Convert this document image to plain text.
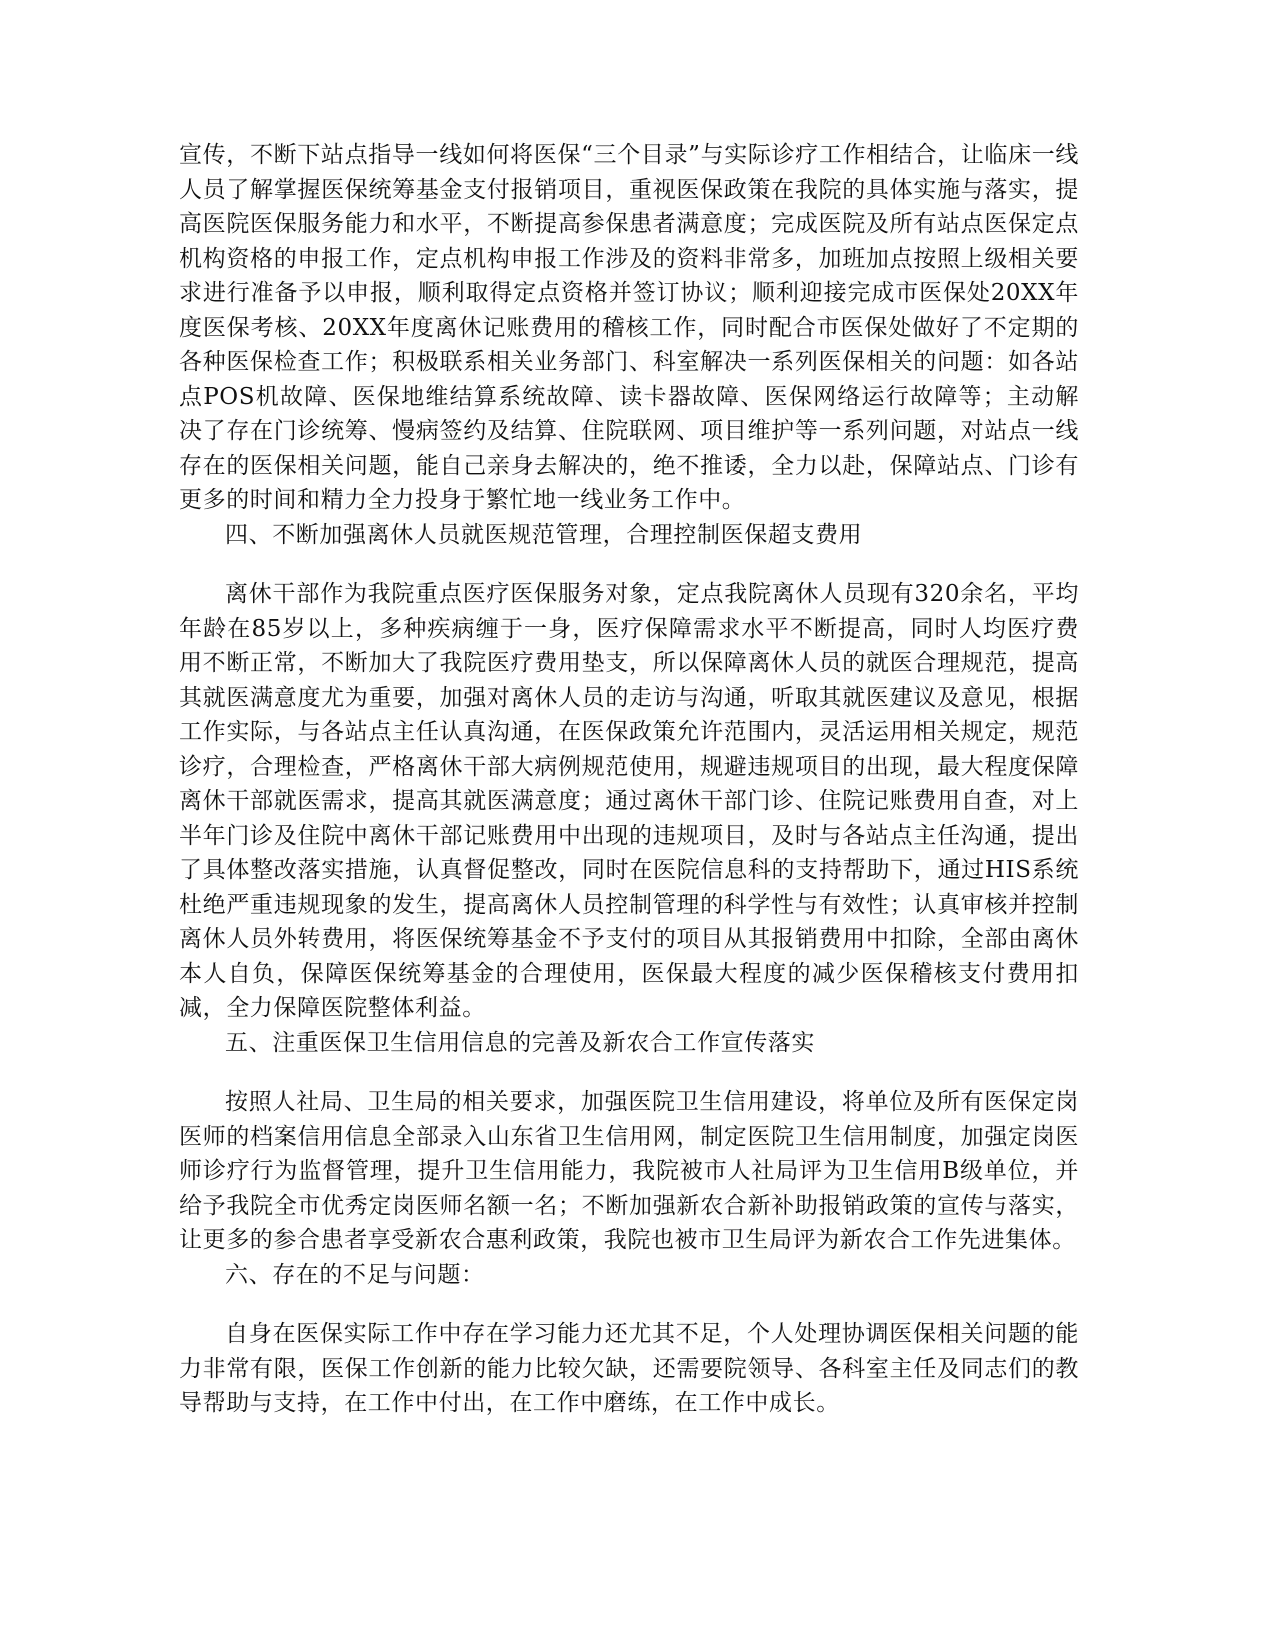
宣传，不断下站点指导一线如何将医保“三个目录”与实际诊疗工作相结合，让临床一线人员了解掌握医保统筹基金支付报销项目，重视医保政策在我院的具体实施与落实，提高医院医保服务能力和水平，不断提高参保患者满意度；完成医院及所有站点医保定点机构资格的申报工作，定点机构申报工作涉及的资料非常多，加班加点按照上级相关要求进行准备予以申报，顺利取得定点资格并签订协议；顺利迎接完成市医保处20XX年度医保考核、20XX年度离休记账费用的稽核工作，同时配合市医保处做好了不定期的各种医保检查工作；积极联系相关业务部门、科室解决一系列医保相关的问题：如各站点POS机故障、医保地维结算系统故障、读卡器故障、医保网络运行故障等；主动解决了存在门诊统筹、慢病签约及结算、住院联网、项目维护等一系列问题，对站点一线存在的医保相关问题，能自己亲身去解决的，绝不推诿，全力以赴，保障站点、门诊有更多的时间和精力全力投身于繁忙地一线业务工作中。

四、不断加强离休人员就医规范管理，合理控制医保超支费用

离休干部作为我院重点医疗医保服务对象，定点我院离休人员现有320余名，平均年龄在85岁以上，多种疾病缠于一身，医疗保障需求水平不断提高，同时人均医疗费用不断正常，不断加大了我院医疗费用垫支，所以保障离休人员的就医合理规范，提高其就医满意度尤为重要，加强对离休人员的走访与沟通，听取其就医建议及意见，根据工作实际，与各站点主任认真沟通，在医保政策允许范围内，灵活运用相关规定，规范诊疗，合理检查，严格离休干部大病例规范使用，规避违规项目的出现，最大程度保障离休干部就医需求，提高其就医满意度；通过离休干部门诊、住院记账费用自查，对上半年门诊及住院中离休干部记账费用中出现的违规项目，及时与各站点主任沟通，提出了具体整改落实措施，认真督促整改，同时在医院信息科的支持帮助下，通过HIS系统杜绝严重违规现象的发生，提高离休人员控制管理的科学性与有效性；认真审核并控制离休人员外转费用，将医保统筹基金不予支付的项目从其报销费用中扣除，全部由离休本人自负，保障医保统筹基金的合理使用，医保最大程度的减少医保稽核支付费用扣减，全力保障医院整体利益。

五、注重医保卫生信用信息的完善及新农合工作宣传落实

按照人社局、卫生局的相关要求，加强医院卫生信用建设，将单位及所有医保定岗医师的档案信用信息全部录入山东省卫生信用网，制定医院卫生信用制度，加强定岗医师诊疗行为监督管理，提升卫生信用能力，我院被市人社局评为卫生信用B级单位，并给予我院全市优秀定岗医师名额一名；不断加强新农合新补助报销政策的宣传与落实，让更多的参合患者享受新农合惠利政策，我院也被市卫生局评为新农合工作先进集体。

六、存在的不足与问题：

自身在医保实际工作中存在学习能力还尤其不足，个人处理协调医保相关问题的能力非常有限，医保工作创新的能力比较欠缺，还需要院领导、各科室主任及同志们的教导帮助与支持，在工作中付出，在工作中磨练，在工作中成长。
